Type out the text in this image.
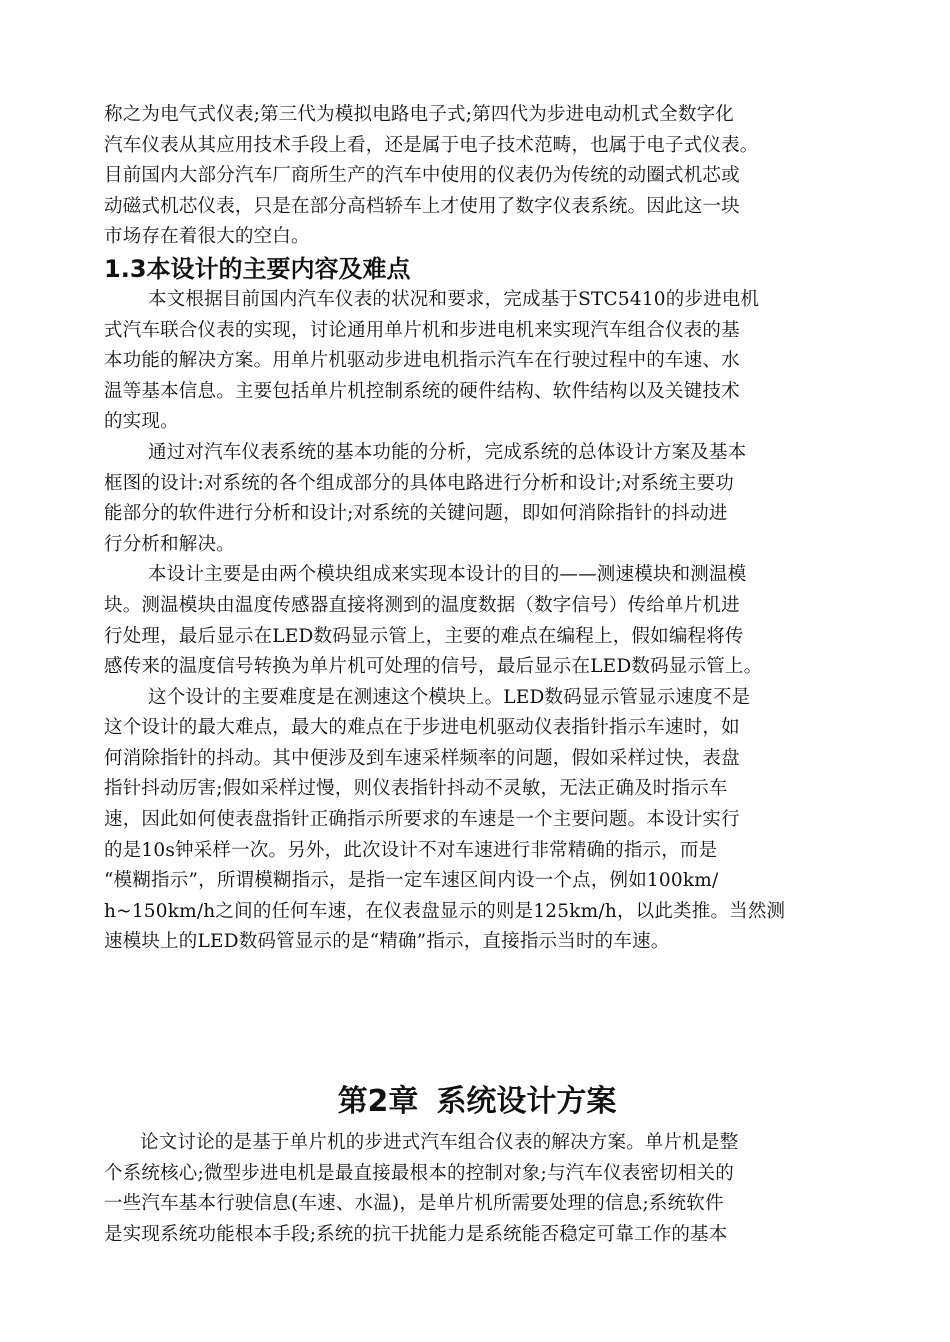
称之为电气式仪表;第三代为模拟电路电子式;第四代为步进电动机式全数字化
汽车仪表从其应用技术手段上看，还是属于电子技术范畴，也属于电子式仪表。
目前国内大部分汽车厂商所生产的汽车中使用的仪表仍为传统的动圈式机芯或
动磁式机芯仪表，只是在部分高档轿车上才使用了数字仪表系统。因此这一块
市场存在着很大的空白。
1.3本设计的主要内容及难点
本文根据目前国内汽车仪表的状况和要求，完成基于STC5410的步进电机
式汽车联合仪表的实现，讨论通用单片机和步进电机来实现汽车组合仪表的基
本功能的解决方案。用单片机驱动步进电机指示汽车在行驶过程中的车速、水
温等基本信息。主要包括单片机控制系统的硬件结构、软件结构以及关键技术
的实现。
通过对汽车仪表系统的基本功能的分析，完成系统的总体设计方案及基本
框图的设计:对系统的各个组成部分的具体电路进行分析和设计;对系统主要功
能部分的软件进行分析和设计;对系统的关键问题，即如何消除指针的抖动进
行分析和解决。
本设计主要是由两个模块组成来实现本设计的目的——测速模块和测温模
块。测温模块由温度传感器直接将测到的温度数据（数字信号）传给单片机进
行处理，最后显示在LED数码显示管上，主要的难点在编程上，假如编程将传
感传来的温度信号转换为单片机可处理的信号，最后显示在LED数码显示管上。
这个设计的主要难度是在测速这个模块上。LED数码显示管显示速度不是
这个设计的最大难点，最大的难点在于步进电机驱动仪表指针指示车速时，如
何消除指针的抖动。其中便涉及到车速采样频率的问题，假如采样过快，表盘
指针抖动厉害;假如采样过慢，则仪表指针抖动不灵敏，无法正确及时指示车
速，因此如何使表盘指针正确指示所要求的车速是一个主要问题。本设计实行
的是10s钟采样一次。另外，此次设计不对车速进行非常精确的指示，而是
“模糊指示”，所谓模糊指示，是指一定车速区间内设一个点，例如100km/
h~150km/h之间的任何车速，在仪表盘显示的则是125km/h，以此类推。当然测
速模块上的LED数码管显示的是“精确”指示，直接指示当时的车速。
第2章 系统设计方案
论文讨论的是基于单片机的步进式汽车组合仪表的解决方案。单片机是整
个系统核心;微型步进电机是最直接最根本的控制对象;与汽车仪表密切相关的
一些汽车基本行驶信息(车速、水温)，是单片机所需要处理的信息;系统软件
是实现系统功能根本手段;系统的抗干扰能力是系统能否稳定可靠工作的基本
